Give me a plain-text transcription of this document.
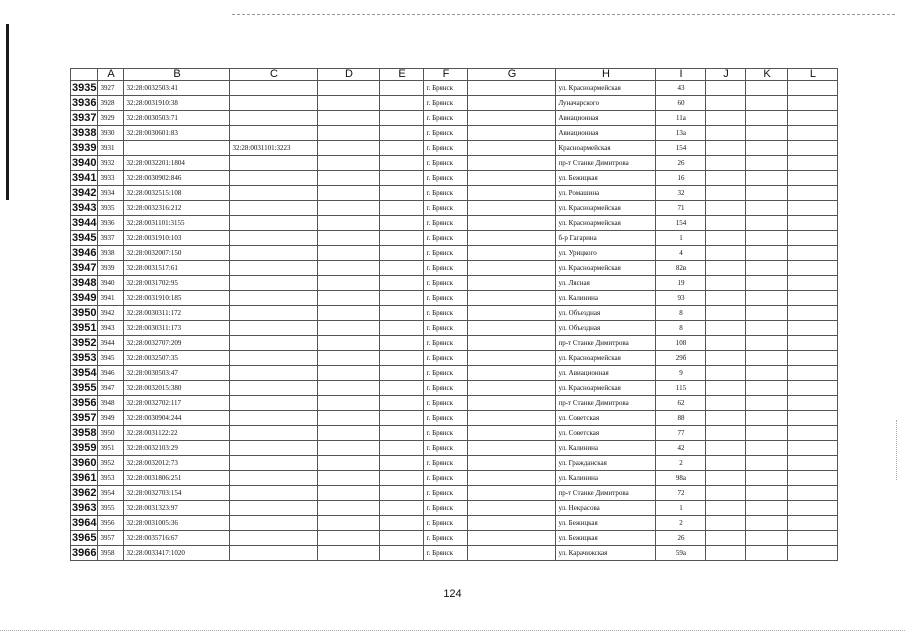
	A	B	C	D	E	F	G	H	I	J	K	L
3935	3927	32:28:0032503:41				г. Брянск		ул. Красноармейская	43			
3936	3928	32:28:0031910:38				г. Брянск		Луначарского	60			
3937	3929	32:28:0030503:71				г. Брянск		Авиационная	11а			
3938	3930	32:28:0030601:83				г. Брянск		Авиационная	13а			
3939	3931		32:28:0031101:3223			г. Брянск		Красноармейская	154			
3940	3932	32:28:0032201:1804				г. Брянск		пр-т Станке Димитрова	26			
3941	3933	32:28:0030902:846				г. Брянск		ул. Бежицкая	16			
3942	3934	32:28:0032515:108				г. Брянск		ул. Ромашина	32			
3943	3935	32:28:0032316:212				г. Брянск		ул. Красноармейская	71			
3944	3936	32:28:0031101:3155				г. Брянск		ул. Красноармейская	154			
3945	3937	32:28:0031910:103				г. Брянск		б-р Гагарина	1			
3946	3938	32:28:0032007:150				г. Брянск		ул. Урицкого	4			
3947	3939	32:28:0031517:61				г. Брянск		ул. Красноармейская	82в			
3948	3940	32:28:0031702:95				г. Брянск		ул. Лясная	19			
3949	3941	32:28:0031910:185				г. Брянск		ул. Калинина	93			
3950	3942	32:28:0030311:172				г. Брянск		ул. Объездная	8			
3951	3943	32:28:0030311:173				г. Брянск		ул. Объездная	8			
3952	3944	32:28:0032707:209				г. Брянск		пр-т Станке Димитрова	108			
3953	3945	32:28:0032507:35				г. Брянск		ул. Красноармейская	29б			
3954	3946	32:28:0030503:47				г. Брянск		ул. Авиационная	9			
3955	3947	32:28:0032015:380				г. Брянск		ул. Красноармейская	115			
3956	3948	32:28:0032702:117				г. Брянск		пр-т Станке Димитрова	62			
3957	3949	32:28:0030904:244				г. Брянск		ул. Советская	88			
3958	3950	32:28:0031122:22				г. Брянск		ул. Советская	77			
3959	3951	32:28:0032103:29				г. Брянск		ул. Калинина	42			
3960	3952	32:28:0032012:73				г. Брянск		ул. Гражданская	2			
3961	3953	32:28:0031806:251				г. Брянск		ул. Калинина	98а			
3962	3954	32:28:0032703:154				г. Брянск		пр-т Станке Димитрова	72			
3963	3955	32:28:0031323:97				г. Брянск		ул. Некрасова	1			
3964	3956	32:28:0031005:36				г. Брянск		ул. Бежицкая	2			
3965	3957	32:28:0035716:67				г. Брянск		ул. Бежицкая	26			
3966	3958	32:28:0033417:1020				г. Брянск		ул. Карачижская	59а			
124
